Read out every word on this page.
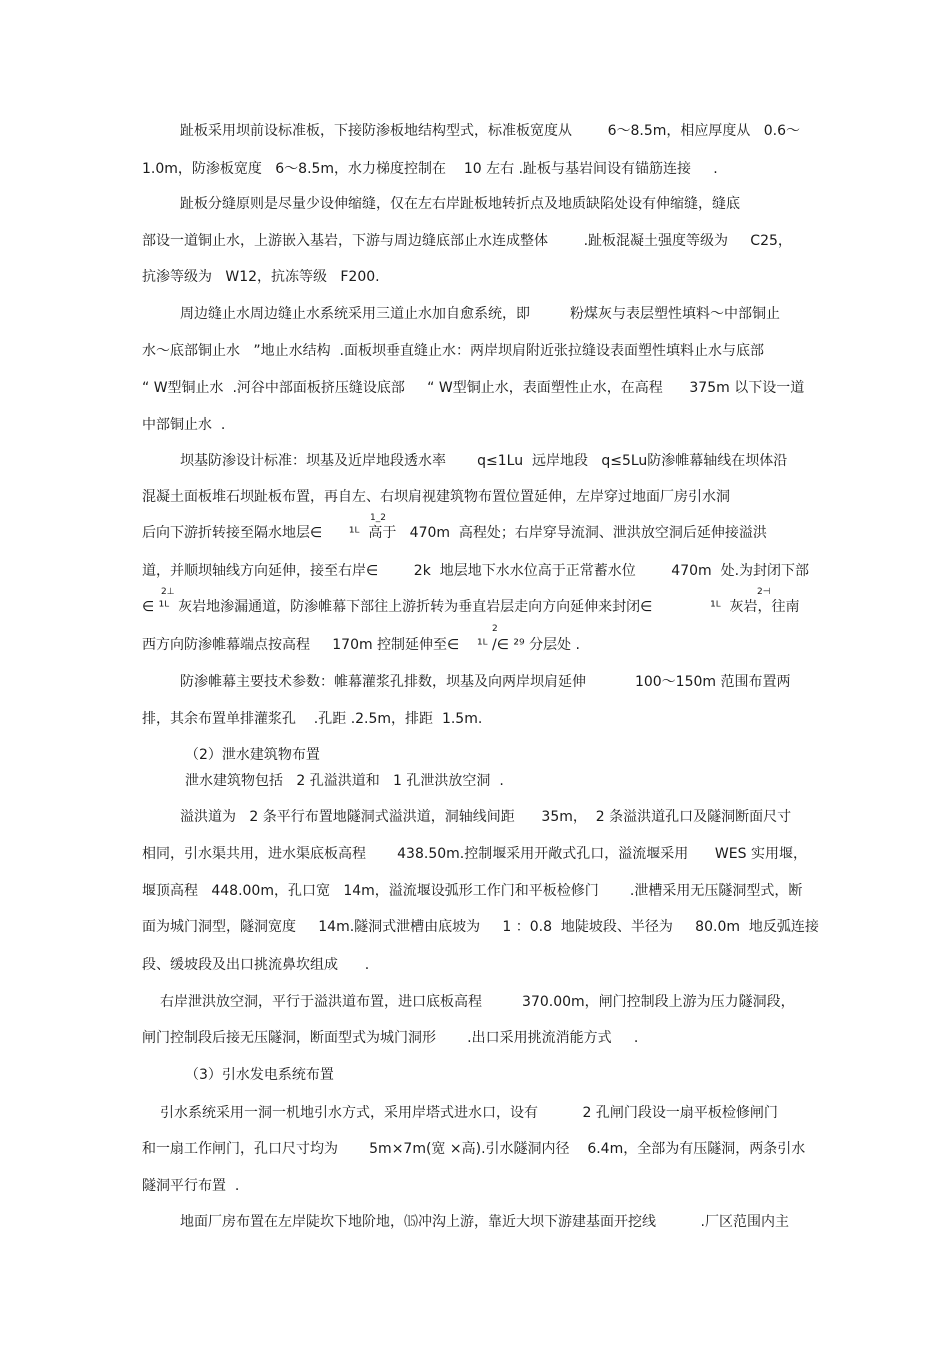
趾板采用坝前设标准板，下接防渗板地结构型式，标准板宽度从        6～8.5m，相应厚度从   0.6～
1.0m，防渗板宽度   6～8.5m，水力梯度控制在    10 左右 .趾板与基岩间设有锚筋连接     .
趾板分缝原则是尽量少设伸缩缝，仅在左右岸趾板地转折点及地质缺陷处设有伸缩缝，缝底
部设一道铜止水，上游嵌入基岩，下游与周边缝底部止水连成整体        .趾板混凝土强度等级为     C25，
抗渗等级为   W12，抗冻等级   F200.
周边缝止水周边缝止水系统采用三道止水加自愈系统，即         粉煤灰与表层塑性填料～中部铜止
水～底部铜止水   ”地止水结构  .面板坝垂直缝止水：两岸坝肩附近张拉缝设表面塑性填料止水与底部
“ W型铜止水  .河谷中部面板挤压缝设底部     “ W型铜止水，表面塑性止水，在高程      375m 以下设一道
中部铜止水  .
坝基防渗设计标准：坝基及近岸地段透水率       q≤1Lu  远岸地段   q≤5Lu防渗帷幕轴线在坝体沿
混凝土面板堆石坝趾板布置，再自左、右坝肩视建筑物布置位置延伸，左岸穿过地面厂房引水洞
1_2
后向下游折转接至隔水地层∈      ¹ᴸ  高于   470m  高程处；右岸穿导流洞、泄洪放空洞后延伸接溢洪
道，并顺坝轴线方向延伸，接至右岸∈        2k  地层地下水水位高于正常蓄水位        470m  处.为封闭下部
2⊥	2⊣
∈ ¹ᴸ  灰岩地渗漏通道，防渗帷幕下部往上游折转为垂直岩层走向方向延伸来封闭∈             ¹ᴸ  灰岩，往南
2
西方向防渗帷幕端点按高程     170m 控制延伸至∈    ¹ᴸ /∈ ²⁹ 分层处 .
防渗帷幕主要技术参数：帷幕灌浆孔排数，坝基及向两岸坝肩延伸           100～150m 范围布置两
排，其余布置单排灌浆孔    .孔距 .2.5m，排距  1.5m.
（2）泄水建筑物布置
泄水建筑物包括   2 孔溢洪道和   1 孔泄洪放空洞  .
溢洪道为   2 条平行布置地隧洞式溢洪道，洞轴线间距      35m，  2 条溢洪道孔口及隧洞断面尺寸
相同，引水渠共用，进水渠底板高程       438.50m.控制堰采用开敞式孔口，溢流堰采用      WES 实用堰，
堰顶高程   448.00m，孔口宽   14m，溢流堰设弧形工作门和平板检修门       .泄槽采用无压隧洞型式，断
面为城门洞型，隧洞宽度     14m.隧洞式泄槽由底坡为     1 ：0.8  地陡坡段、半径为     80.0m  地反弧连接
段、缓坡段及出口挑流鼻坎组成      .
右岸泄洪放空洞，平行于溢洪道布置，进口底板高程         370.00m，闸门控制段上游为压力隧洞段，
闸门控制段后接无压隧洞，断面型式为城门洞形       .出口采用挑流消能方式     .
（3）引水发电系统布置
引水系统采用一洞一机地引水方式，采用岸塔式进水口，设有          2 孔闸门段设一扇平板检修闸门
和一扇工作闸门，孔口尺寸均为       5m×7m(宽 ×高).引水隧洞内径    6.4m，全部为有压隧洞，两条引水
隧洞平行布置  .
地面厂房布置在左岸陡坎下地阶地，⒂冲沟上游，靠近大坝下游建基面开挖线          .厂区范围内主
